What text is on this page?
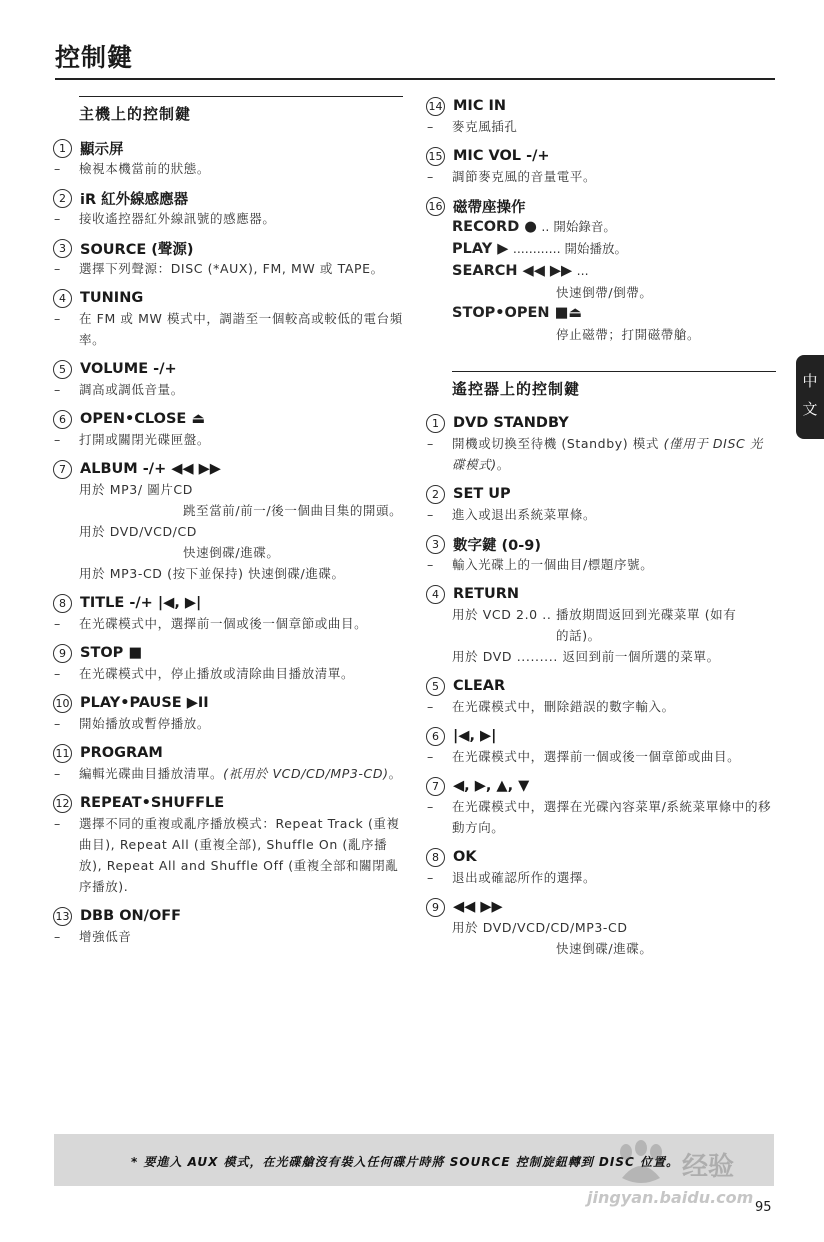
控制鍵
主機上的控制鍵
1 顯示屏
– 檢視本機當前的狀態。
2 iR 紅外線感應器
– 接收遙控器紅外線訊號的感應器。
3 SOURCE (聲源)
– 選擇下列聲源：DISC (*AUX), FM, MW 或 TAPE。
4 TUNING
– 在 FM 或 MW 模式中，調諧至一個較高或較低的電台頻率。
5 VOLUME -/+
– 調高或調低音量。
6 OPEN•CLOSE ⏏
– 打開或關閉光碟匣盤。
7 ALBUM -/+ ◀◀ ▶▶
用於 MP3/ 圖片CD
跳至當前/前一/後一個曲目集的開頭。
用於 DVD/VCD/CD
快速倒碟/進碟。
用於 MP3-CD (按下並保持) 快速倒碟/進碟。
8 TITLE -/+ |◀, ▶|
– 在光碟模式中，選擇前一個或後一個章節或曲目。
9 STOP ■
– 在光碟模式中，停止播放或清除曲目播放清單。
10 PLAY•PAUSE ▶II
– 開始播放或暫停播放。
11 PROGRAM
– 編輯光碟曲目播放清單。(祇用於 VCD/CD/MP3-CD)。
12 REPEAT•SHUFFLE
– 選擇不同的重複或亂序播放模式：Repeat Track (重複曲目), Repeat All (重複全部), Shuffle On (亂序播放), Repeat All and Shuffle Off (重複全部和關閉亂序播放).
13 DBB ON/OFF
– 增強低音
14 MIC IN
– 麥克風插孔
15 MIC VOL -/+
– 調節麥克風的音量電平。
16 磁帶座操作
RECORD ● .. 開始錄音。
PLAY ▶ ............ 開始播放。
SEARCH ◀◀ ▶▶ ...
快速倒帶/倒帶。
STOP•OPEN ■⏏
停止磁帶；打開磁帶艙。
遙控器上的控制鍵
1 DVD STANDBY
– 開機或切換至待機 (Standby) 模式 (僅用于 DISC 光碟模式)。
2 SET UP
– 進入或退出系統菜單條。
3 數字鍵 (0-9)
– 輸入光碟上的一個曲目/標題序號。
4 RETURN
用於 VCD 2.0 .. 播放期間返回到光碟菜單 (如有
的話)。
用於 DVD ......... 返回到前一個所選的菜單。
5 CLEAR
– 在光碟模式中，刪除錯誤的數字輸入。
6 |◀, ▶|
– 在光碟模式中，選擇前一個或後一個章節或曲目。
7 ◀, ▶, ▲, ▼
– 在光碟模式中，選擇在光碟內容菜單/系統菜單條中的移動方向。
8 OK
– 退出或確認所作的選擇。
9 ◀◀ ▶▶
用於 DVD/VCD/CD/MP3-CD
快速倒碟/進碟。
中文
* 要進入 AUX 模式，在光碟艙沒有裝入任何碟片時將 SOURCE 控制旋鈕轉到 DISC 位置。 经验
jingyan.baidu.com
95
